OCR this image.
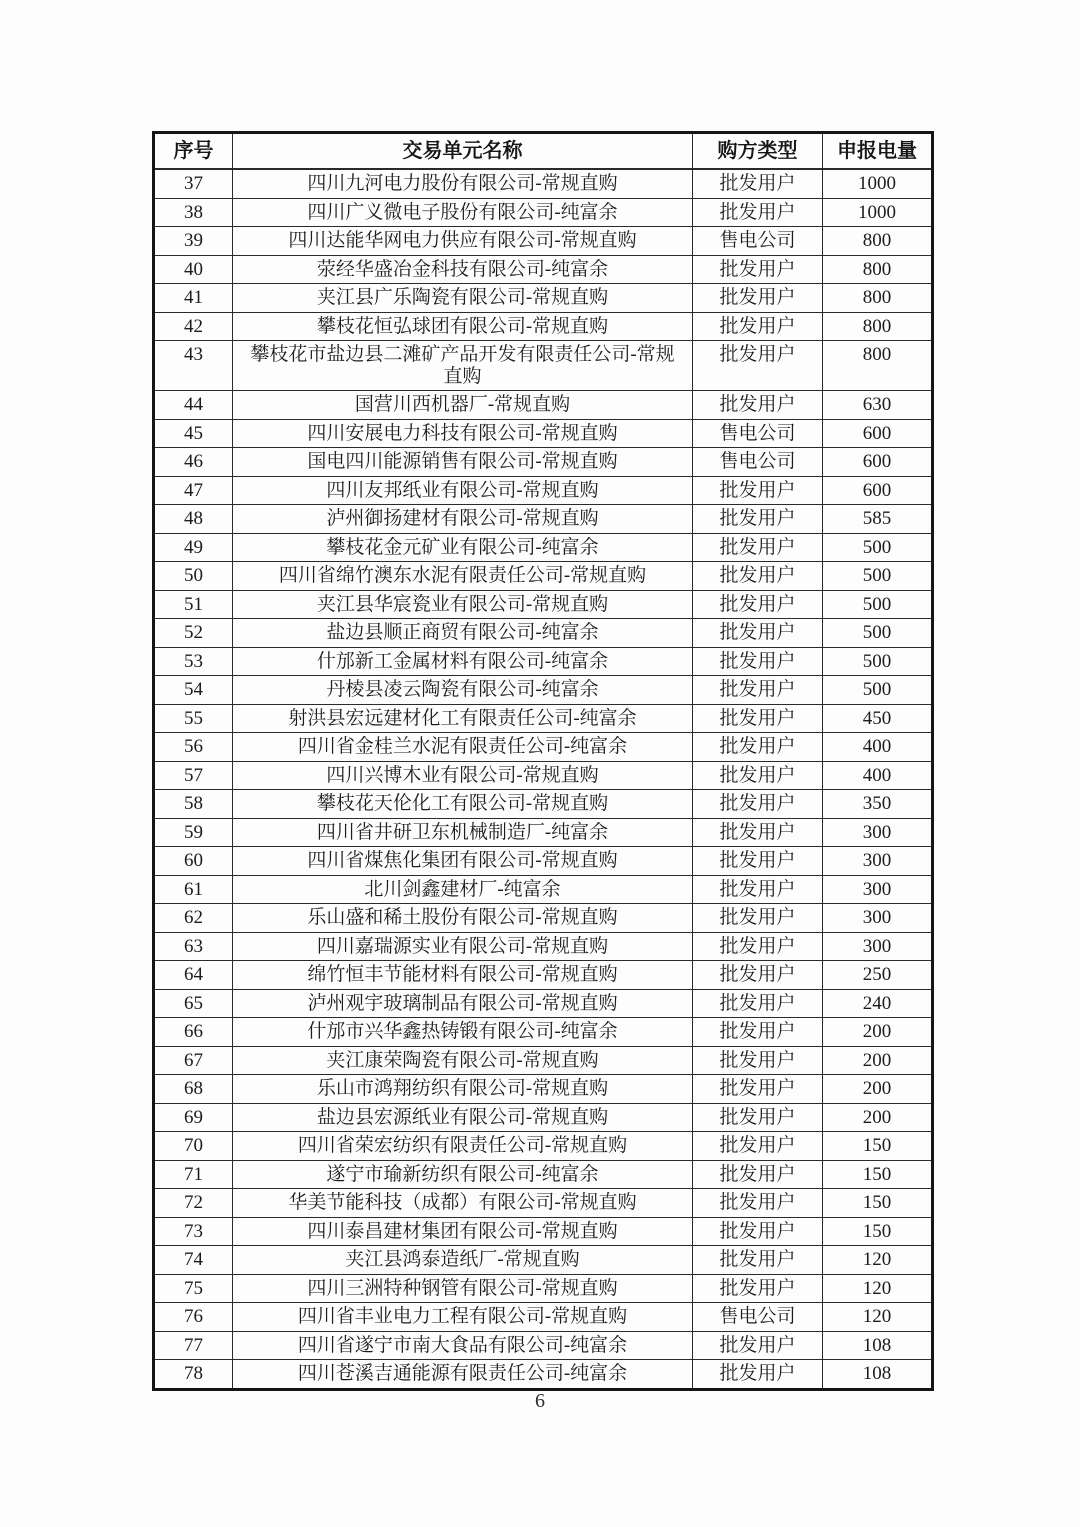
序号	交易单元名称	购方类型	申报电量
37	四川九河电力股份有限公司-常规直购	批发用户	1000
38	四川广义微电子股份有限公司-纯富余	批发用户	1000
39	四川达能华网电力供应有限公司-常规直购	售电公司	800
40	荥经华盛冶金科技有限公司-纯富余	批发用户	800
41	夹江县广乐陶瓷有限公司-常规直购	批发用户	800
42	攀枝花恒弘球团有限公司-常规直购	批发用户	800
43	攀枝花市盐边县二滩矿产品开发有限责任公司-常规直购	批发用户	800
44	国营川西机器厂-常规直购	批发用户	630
45	四川安展电力科技有限公司-常规直购	售电公司	600
46	国电四川能源销售有限公司-常规直购	售电公司	600
47	四川友邦纸业有限公司-常规直购	批发用户	600
48	泸州御扬建材有限公司-常规直购	批发用户	585
49	攀枝花金元矿业有限公司-纯富余	批发用户	500
50	四川省绵竹澳东水泥有限责任公司-常规直购	批发用户	500
51	夹江县华宸瓷业有限公司-常规直购	批发用户	500
52	盐边县顺正商贸有限公司-纯富余	批发用户	500
53	什邡新工金属材料有限公司-纯富余	批发用户	500
54	丹棱县凌云陶瓷有限公司-纯富余	批发用户	500
55	射洪县宏远建材化工有限责任公司-纯富余	批发用户	450
56	四川省金桂兰水泥有限责任公司-纯富余	批发用户	400
57	四川兴博木业有限公司-常规直购	批发用户	400
58	攀枝花天伦化工有限公司-常规直购	批发用户	350
59	四川省井研卫东机械制造厂-纯富余	批发用户	300
60	四川省煤焦化集团有限公司-常规直购	批发用户	300
61	北川剑鑫建材厂-纯富余	批发用户	300
62	乐山盛和稀土股份有限公司-常规直购	批发用户	300
63	四川嘉瑞源实业有限公司-常规直购	批发用户	300
64	绵竹恒丰节能材料有限公司-常规直购	批发用户	250
65	泸州观宇玻璃制品有限公司-常规直购	批发用户	240
66	什邡市兴华鑫热铸锻有限公司-纯富余	批发用户	200
67	夹江康荣陶瓷有限公司-常规直购	批发用户	200
68	乐山市鸿翔纺织有限公司-常规直购	批发用户	200
69	盐边县宏源纸业有限公司-常规直购	批发用户	200
70	四川省荣宏纺织有限责任公司-常规直购	批发用户	150
71	遂宁市瑜新纺织有限公司-纯富余	批发用户	150
72	华美节能科技（成都）有限公司-常规直购	批发用户	150
73	四川泰昌建材集团有限公司-常规直购	批发用户	150
74	夹江县鸿泰造纸厂-常规直购	批发用户	120
75	四川三洲特种钢管有限公司-常规直购	批发用户	120
76	四川省丰业电力工程有限公司-常规直购	售电公司	120
77	四川省遂宁市南大食品有限公司-纯富余	批发用户	108
78	四川苍溪吉通能源有限责任公司-纯富余	批发用户	108
6
